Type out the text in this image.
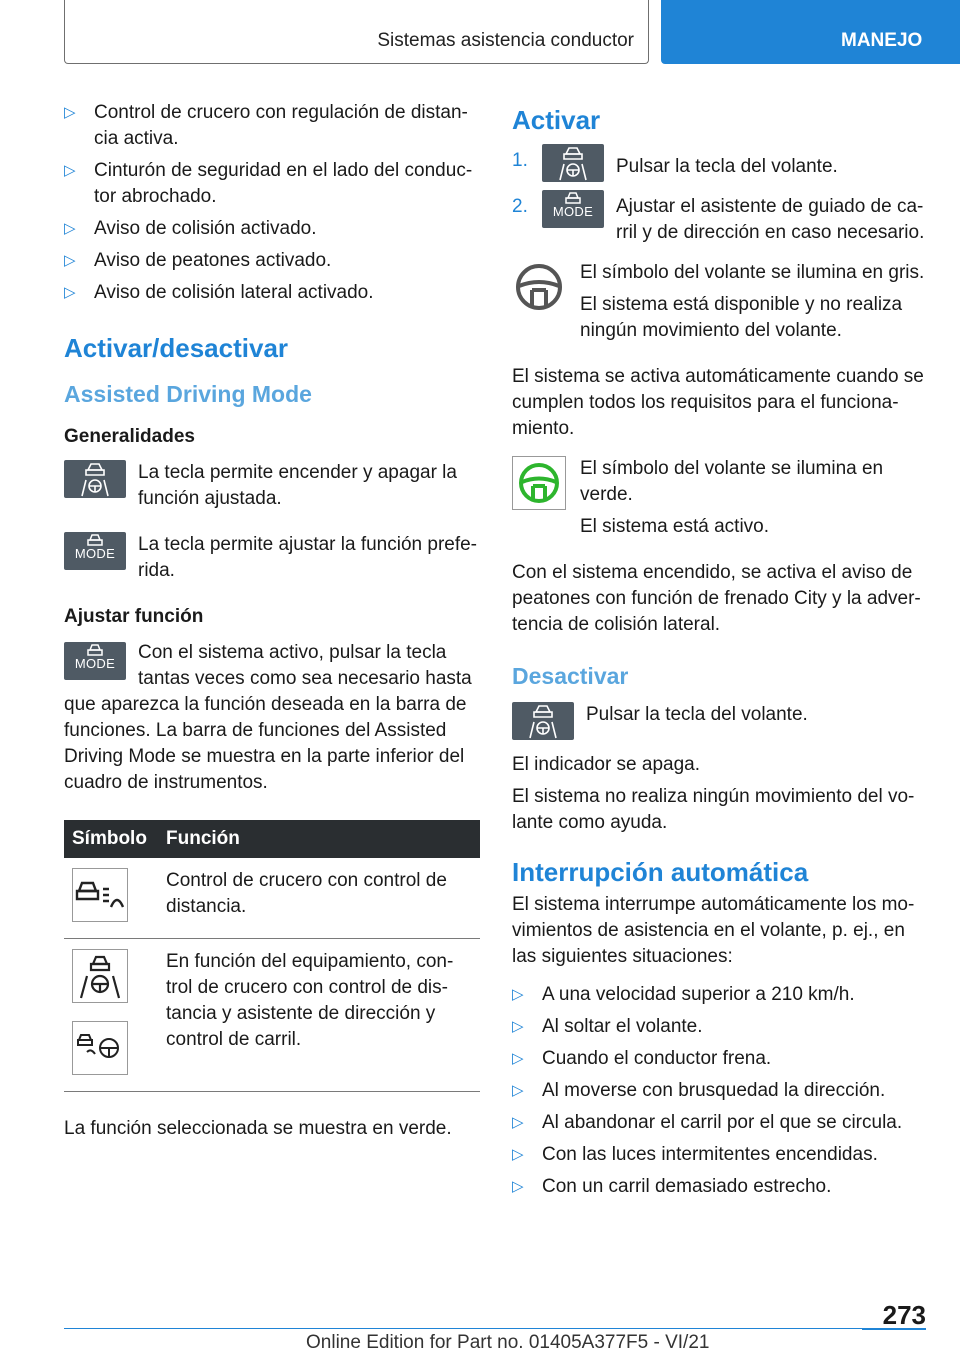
Sistemas asistencia conductor	MANEJO
▷ Control de crucero con regulación de distan-cia activa.
▷ Cinturón de seguridad en el lado del conduc-tor abrochado.
▷ Aviso de colisión activado.
▷ Aviso de peatones activado.
▷ Aviso de colisión lateral activado.
Activar/desactivar
Assisted Driving Mode
Generalidades
La tecla permite encender y apagar la función ajustada.
MODE	La tecla permite ajustar la función prefe-rida.
Ajustar función
MODE
Con el sistema activo, pulsar la tecla tantas veces como sea necesario hasta que aparezca la función deseada en la barra de funciones. La barra de funciones del Assisted Driving Mode se muestra en la parte inferior del cuadro de instrumentos.
Símbolo	Función

	Control de crucero con control de distancia.

	En función del equipamiento, con-trol de crucero con control de dis-tancia y asistente de dirección y control de carril.

La función seleccionada se muestra en verde.

Activar
1.	Pulsar la tecla del volante.
2.	MODE	Ajustar el asistente de guiado de ca-rril y de dirección en caso necesario.

El símbolo del volante se ilumina en gris.

El sistema está disponible y no realiza ningún movimiento del volante.

El sistema se activa automáticamente cuando se cumplen todos los requisitos para el funciona-miento.

El símbolo del volante se ilumina en verde.

El sistema está activo.

Con el sistema encendido, se activa el aviso de peatones con función de frenado City y la adver-tencia de colisión lateral.

Desactivar
Pulsar la tecla del volante.

El indicador se apaga.

El sistema no realiza ningún movimiento del vo-lante como ayuda.

Interrupción automática

El sistema interrumpe automáticamente los mo-vimientos de asistencia en el volante, p. ej., en las siguientes situaciones:

▷ A una velocidad superior a 210 km/h.
▷ Al soltar el volante.
▷ Cuando el conductor frena.
▷ Al moverse con brusquedad la dirección.
▷ Al abandonar el carril por el que se circula.
▷ Con las luces intermitentes encendidas.
▷ Con un carril demasiado estrecho.
273
Online Edition for Part no. 01405A377F5 - VI/21
